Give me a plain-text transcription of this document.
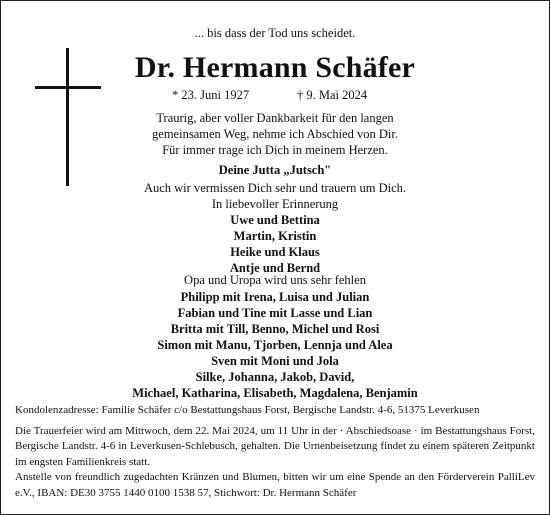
... bis dass der Tod uns scheidet.
Dr. Hermann Schäfer
* 23. Juni 1927	† 9. Mai 2024
Traurig, aber voller Dankbarkeit für den langen
gemeinsamen Weg, nehme ich Abschied von Dir.
Für immer trage ich Dich in meinem Herzen.
Deine Jutta „Jutsch"
Auch wir vermissen Dich sehr und trauern um Dich.
In liebevoller Erinnerung
Uwe und Bettina
Martin, Kristin
Heike und Klaus
Antje und Bernd
Opa und Uropa wird uns sehr fehlen
Philipp mit Irena, Luisa und Julian
Fabian und Tine mit Lasse und Lian
Britta mit Till, Benno, Michel und Rosi
Simon mit Manu, Tjorben, Lennja und Alea
Sven mit Moni und Jola
Silke, Johanna, Jakob, David,
Michael, Katharina, Elisabeth, Magdalena, Benjamin

Kondolenzadresse: Familie Schäfer c/o Bestattungshaus Forst, Bergische Landstr. 4-6, 51375 Leverkusen

Die Trauerfeier wird am Mittwoch, dem 22. Mai 2024, um 11 Uhr in der · Abschiedsoase · im Bestattungshaus Forst, Bergische Landstr. 4-6 in Leverkusen-Schlebusch, gehalten. Die Urnenbeisetzung findet zu einem späteren Zeitpunkt im engsten Familienkreis statt.

Anstelle von freundlich zugedachten Kränzen und Blumen, bitten wir um eine Spende an den Förderverein PalliLev e.V., IBAN: DE30 3755 1440 0100 1538 57, Stichwort: Dr. Hermann Schäfer
